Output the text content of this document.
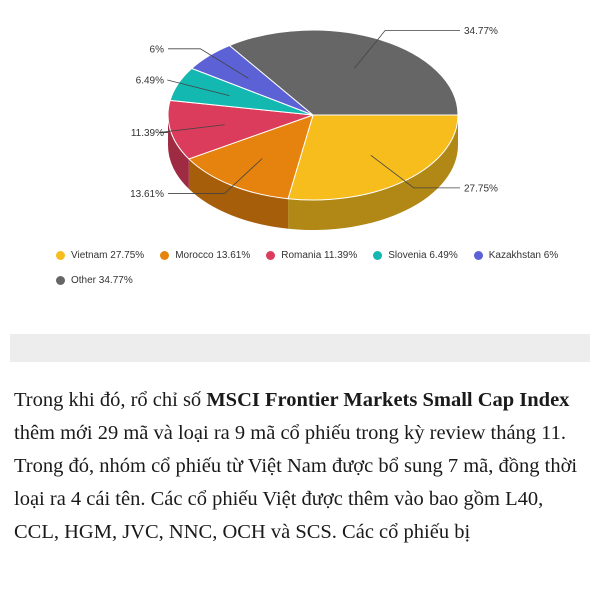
27.75%
13.61%
11.39%
6.49%
6%
34.77%
Vietnam 27.75%	Morocco 13.61%	Romania 11.39%	Slovenia 6.49%	Kazakhstan 6%
Other 34.77%

Trong khi đó, rổ chỉ số MSCI Frontier Markets Small Cap Index thêm mới 29 mã và loại ra 9 mã cổ phiếu trong kỳ review tháng 11. Trong đó, nhóm cổ phiếu từ Việt Nam được bổ sung 7 mã, đồng thời loại ra 4 cái tên. Các cổ phiếu Việt được thêm vào bao gồm L40, CCL, HGM, JVC, NNC, OCH và SCS. Các cổ phiếu bị
